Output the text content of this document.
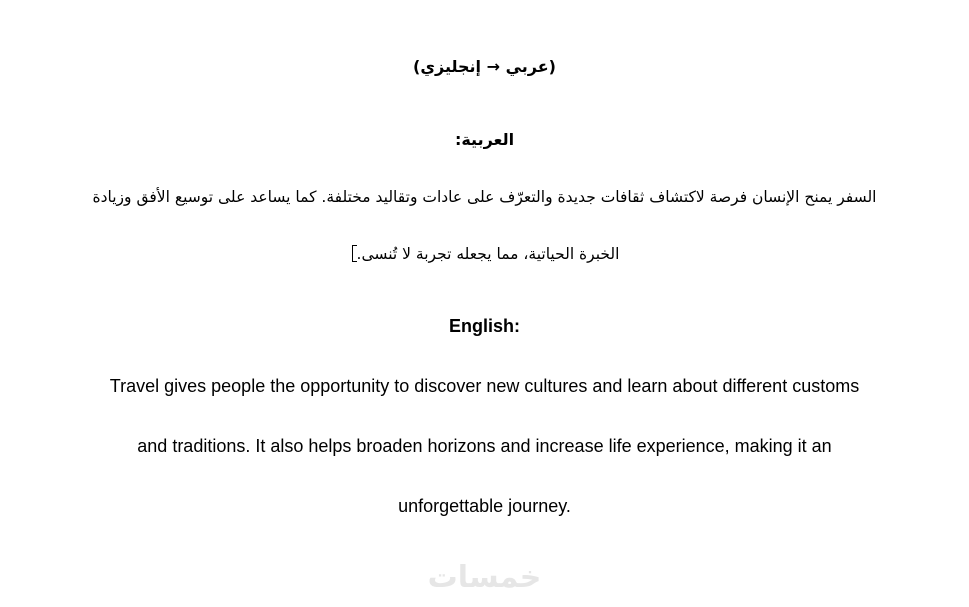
(عربي → إنجليزي)
العربية:
السفر يمنح الإنسان فرصة لاكتشاف ثقافات جديدة والتعرّف على عادات وتقاليد مختلفة. كما يساعد على توسيع الأفق وزيادة
الخبرة الحياتية، مما يجعله تجربة لا تُنسى.
English:
Travel gives people the opportunity to discover new cultures and learn about different customs
and traditions. It also helps broaden horizons and increase life experience, making it an
unforgettable journey.
خمسات
